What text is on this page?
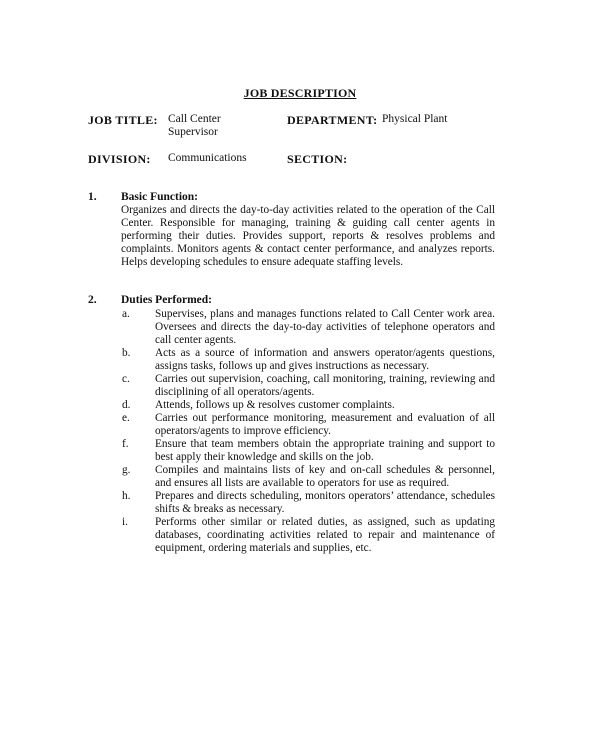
JOB DESCRIPTION
JOB TITLE: Call Center
Supervisor
DEPARTMENT: Physical Plant
DIVISION: Communications	SECTION:
1. Basic Function:
Organizes and directs the day-to-day activities related to the operation of the Call Center. Responsible for managing, training & guiding call center agents in performing their duties. Provides support, reports & resolves problems and complaints. Monitors agents & contact center performance, and analyzes reports. Helps developing schedules to ensure adequate staffing levels.
2. Duties Performed:
a. Supervises, plans and manages functions related to Call Center work area. Oversees and directs the day-to-day activities of telephone operators and call center agents.
b. Acts as a source of information and answers operator/agents questions, assigns tasks, follows up and gives instructions as necessary.
c. Carries out supervision, coaching, call monitoring, training, reviewing and disciplining of all operators/agents.
d. Attends, follows up & resolves customer complaints.
e. Carries out performance monitoring, measurement and evaluation of all operators/agents to improve efficiency.
f. Ensure that team members obtain the appropriate training and support to best apply their knowledge and skills on the job.
g. Compiles and maintains lists of key and on-call schedules & personnel, and ensures all lists are available to operators for use as required.
h. Prepares and directs scheduling, monitors operators’ attendance, schedules shifts & breaks as necessary.
i. Performs other similar or related duties, as assigned, such as updating databases, coordinating activities related to repair and maintenance of equipment, ordering materials and supplies, etc.
